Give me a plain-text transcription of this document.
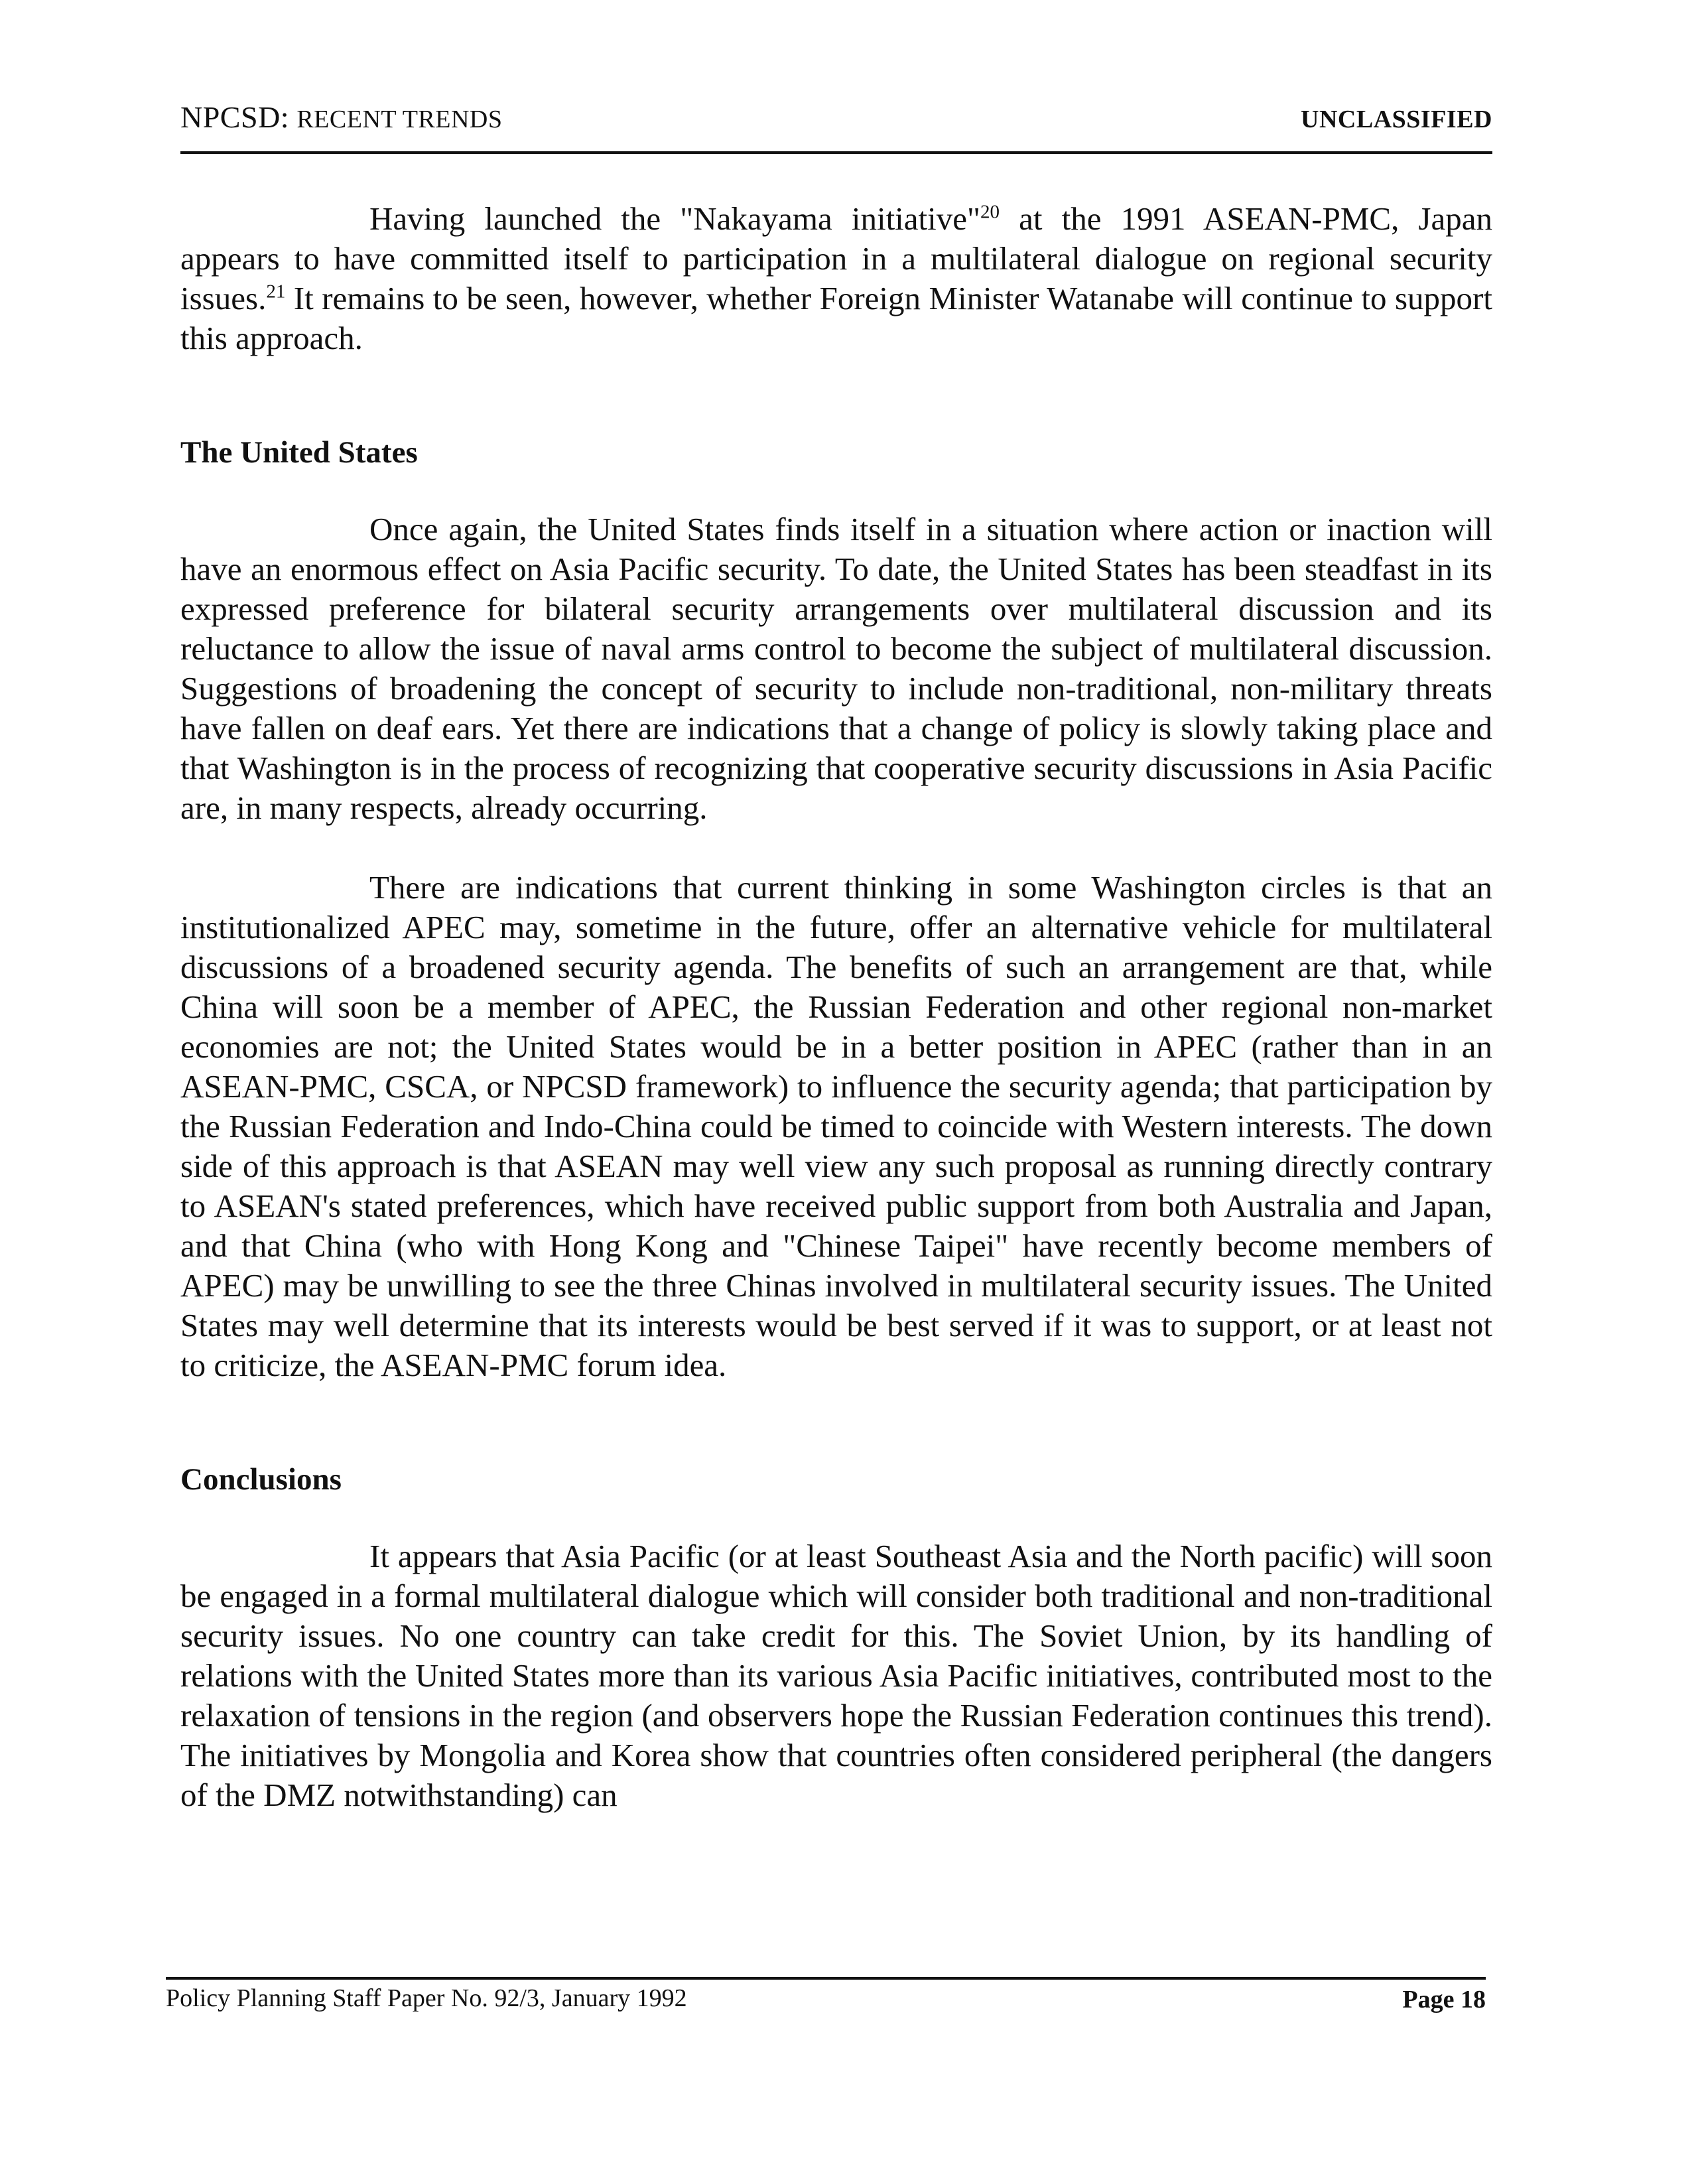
NPCSD: RECENT TRENDS	UNCLASSIFIED

Having launched the "Nakayama initiative"$^{20}$ at the 1991 ASEAN-PMC, Japan appears to have committed itself to participation in a multilateral dialogue on regional security issues.$^{21}$ It remains to be seen, however, whether Foreign Minister Watanabe will continue to support this approach.

The United States

Once again, the United States finds itself in a situation where action or inaction will have an enormous effect on Asia Pacific security. To date, the United States has been steadfast in its expressed preference for bilateral security arrangements over multilateral discussion and its reluctance to allow the issue of naval arms control to become the subject of multilateral discussion. Suggestions of broadening the concept of security to include non-traditional, non-military threats have fallen on deaf ears. Yet there are indications that a change of policy is slowly taking place and that Washington is in the process of recognizing that cooperative security discussions in Asia Pacific are, in many respects, already occurring.

There are indications that current thinking in some Washington circles is that an institutionalized APEC may, sometime in the future, offer an alternative vehicle for multilateral discussions of a broadened security agenda. The benefits of such an arrangement are that, while China will soon be a member of APEC, the Russian Federation and other regional non-market economies are not; the United States would be in a better position in APEC (rather than in an ASEAN-PMC, CSCA, or NPCSD framework) to influence the security agenda; that participation by the Russian Federation and Indo-China could be timed to coincide with Western interests. The down side of this approach is that ASEAN may well view any such proposal as running directly contrary to ASEAN's stated preferences, which have received public support from both Australia and Japan, and that China (who with Hong Kong and "Chinese Taipei" have recently become members of APEC) may be unwilling to see the three Chinas involved in multilateral security issues. The United States may well determine that its interests would be best served if it was to support, or at least not to criticize, the ASEAN-PMC forum idea.

Conclusions

It appears that Asia Pacific (or at least Southeast Asia and the North pacific) will soon be engaged in a formal multilateral dialogue which will consider both traditional and non-traditional security issues. No one country can take credit for this. The Soviet Union, by its handling of relations with the United States more than its various Asia Pacific initiatives, contributed most to the relaxation of tensions in the region (and observers hope the Russian Federation continues this trend). The initiatives by Mongolia and Korea show that countries often considered peripheral (the dangers of the DMZ notwithstanding) can

Policy Planning Staff Paper No. 92/3, January 1992	Page 18
